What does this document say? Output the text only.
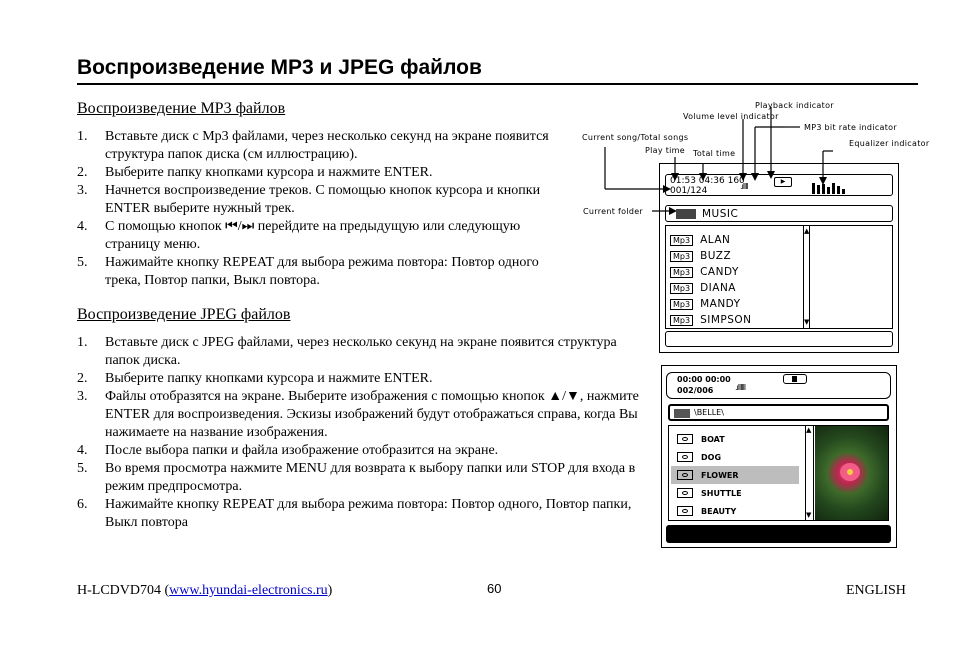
Воспроизведение MP3 и JPEG файлов
Воспроизведение MP3 файлов
1. Вставьте диск с Mp3 файлами, через несколько секунд на экране появится структура папок диска (см иллюстрацию).
2. Выберите папку кнопками курсора и нажмите ENTER.
3. Начнется воспроизведение треков. С помощью кнопок курсора и кнопки ENTER выберите нужный трек.
4. С помощью кнопок ⏮/⏭ перейдите на предыдущую или следующую страницу меню.
5. Нажимайте кнопку REPEAT для выбора режима повтора: Повтор одного трека, Повтор папки, Выкл повтора.
Воспроизведение JPEG файлов
1. Вставьте диск с JPEG файлами, через несколько секунд на экране появится структура папок диска.
2. Выберите папку кнопками курсора и нажмите ENTER.
3. Файлы отобразятся на экране. Выберите изображения с помощью кнопок ▲/▼, нажмите ENTER для воспроизведения. Эскизы изображений будут отображаться справа, когда Вы нажимаете на название изображения.
4. После выбора папки и файла изображение отобразится на экране.
5. Во время просмотра нажмите MENU для возврата к выбору папки или STOP для входа в режим предпросмотра.
6. Нажимайте кнопку REPEAT для выбора режима повтора: Повтор одного, Повтор папки, Выкл повтора
Playback indicator
Volume level indicator
MP3 bit rate indicator
Current song/Total songs
Equalizer indicator
Play time Total time
Current folder
01:53 04:36 160
001/124	.ıllll
▶
MUSIC
▲
▼
Mp3 ALAN
Mp3 BUZZ
Mp3 CANDY
Mp3 DIANA
Mp3 MANDY
Mp3 SIMPSON
00:00 00:00
002/006	.ıllllll
\BELLE\
BOAT
DOG
FLOWER
SHUTTLE
BEAUTY
▲
▼
H-LCDVD704 (www.hyundai-electronics.ru)	60	ENGLISH
